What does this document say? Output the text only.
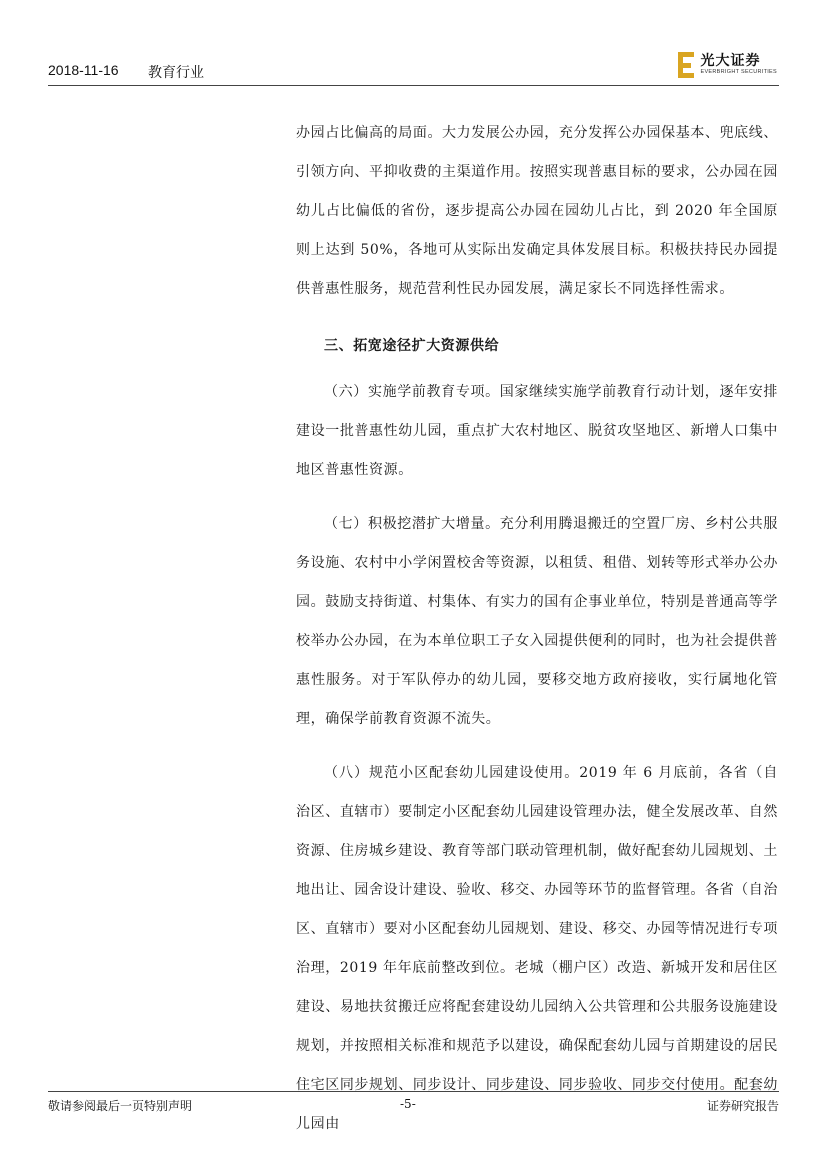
2018-11-16 教育行业
光大证券
EVERBRIGHT SECURITIES

办园占比偏高的局面。大力发展公办园，充分发挥公办园保基本、兜底线、引领方向、平抑收费的主渠道作用。按照实现普惠目标的要求，公办园在园幼儿占比偏低的省份，逐步提高公办园在园幼儿占比，到 2020 年全国原则上达到 50%，各地可从实际出发确定具体发展目标。积极扶持民办园提供普惠性服务，规范营利性民办园发展，满足家长不同选择性需求。

三、拓宽途径扩大资源供给

（六）实施学前教育专项。国家继续实施学前教育行动计划，逐年安排建设一批普惠性幼儿园，重点扩大农村地区、脱贫攻坚地区、新增人口集中地区普惠性资源。

（七）积极挖潜扩大增量。充分利用腾退搬迁的空置厂房、乡村公共服务设施、农村中小学闲置校舍等资源，以租赁、租借、划转等形式举办公办园。鼓励支持街道、村集体、有实力的国有企事业单位，特别是普通高等学校举办公办园，在为本单位职工子女入园提供便利的同时，也为社会提供普惠性服务。对于军队停办的幼儿园，要移交地方政府接收，实行属地化管理，确保学前教育资源不流失。

（八）规范小区配套幼儿园建设使用。2019 年 6 月底前，各省（自治区、直辖市）要制定小区配套幼儿园建设管理办法，健全发展改革、自然资源、住房城乡建设、教育等部门联动管理机制，做好配套幼儿园规划、土地出让、园舍设计建设、验收、移交、办园等环节的监督管理。各省（自治区、直辖市）要对小区配套幼儿园规划、建设、移交、办园等情况进行专项治理，2019 年年底前整改到位。老城（棚户区）改造、新城开发和居住区建设、易地扶贫搬迁应将配套建设幼儿园纳入公共管理和公共服务设施建设规划，并按照相关标准和规范予以建设，确保配套幼儿园与首期建设的居民住宅区同步规划、同步设计、同步建设、同步验收、同步交付使用。配套幼儿园由

敬请参阅最后一页特别声明	-5-	证券研究报告
